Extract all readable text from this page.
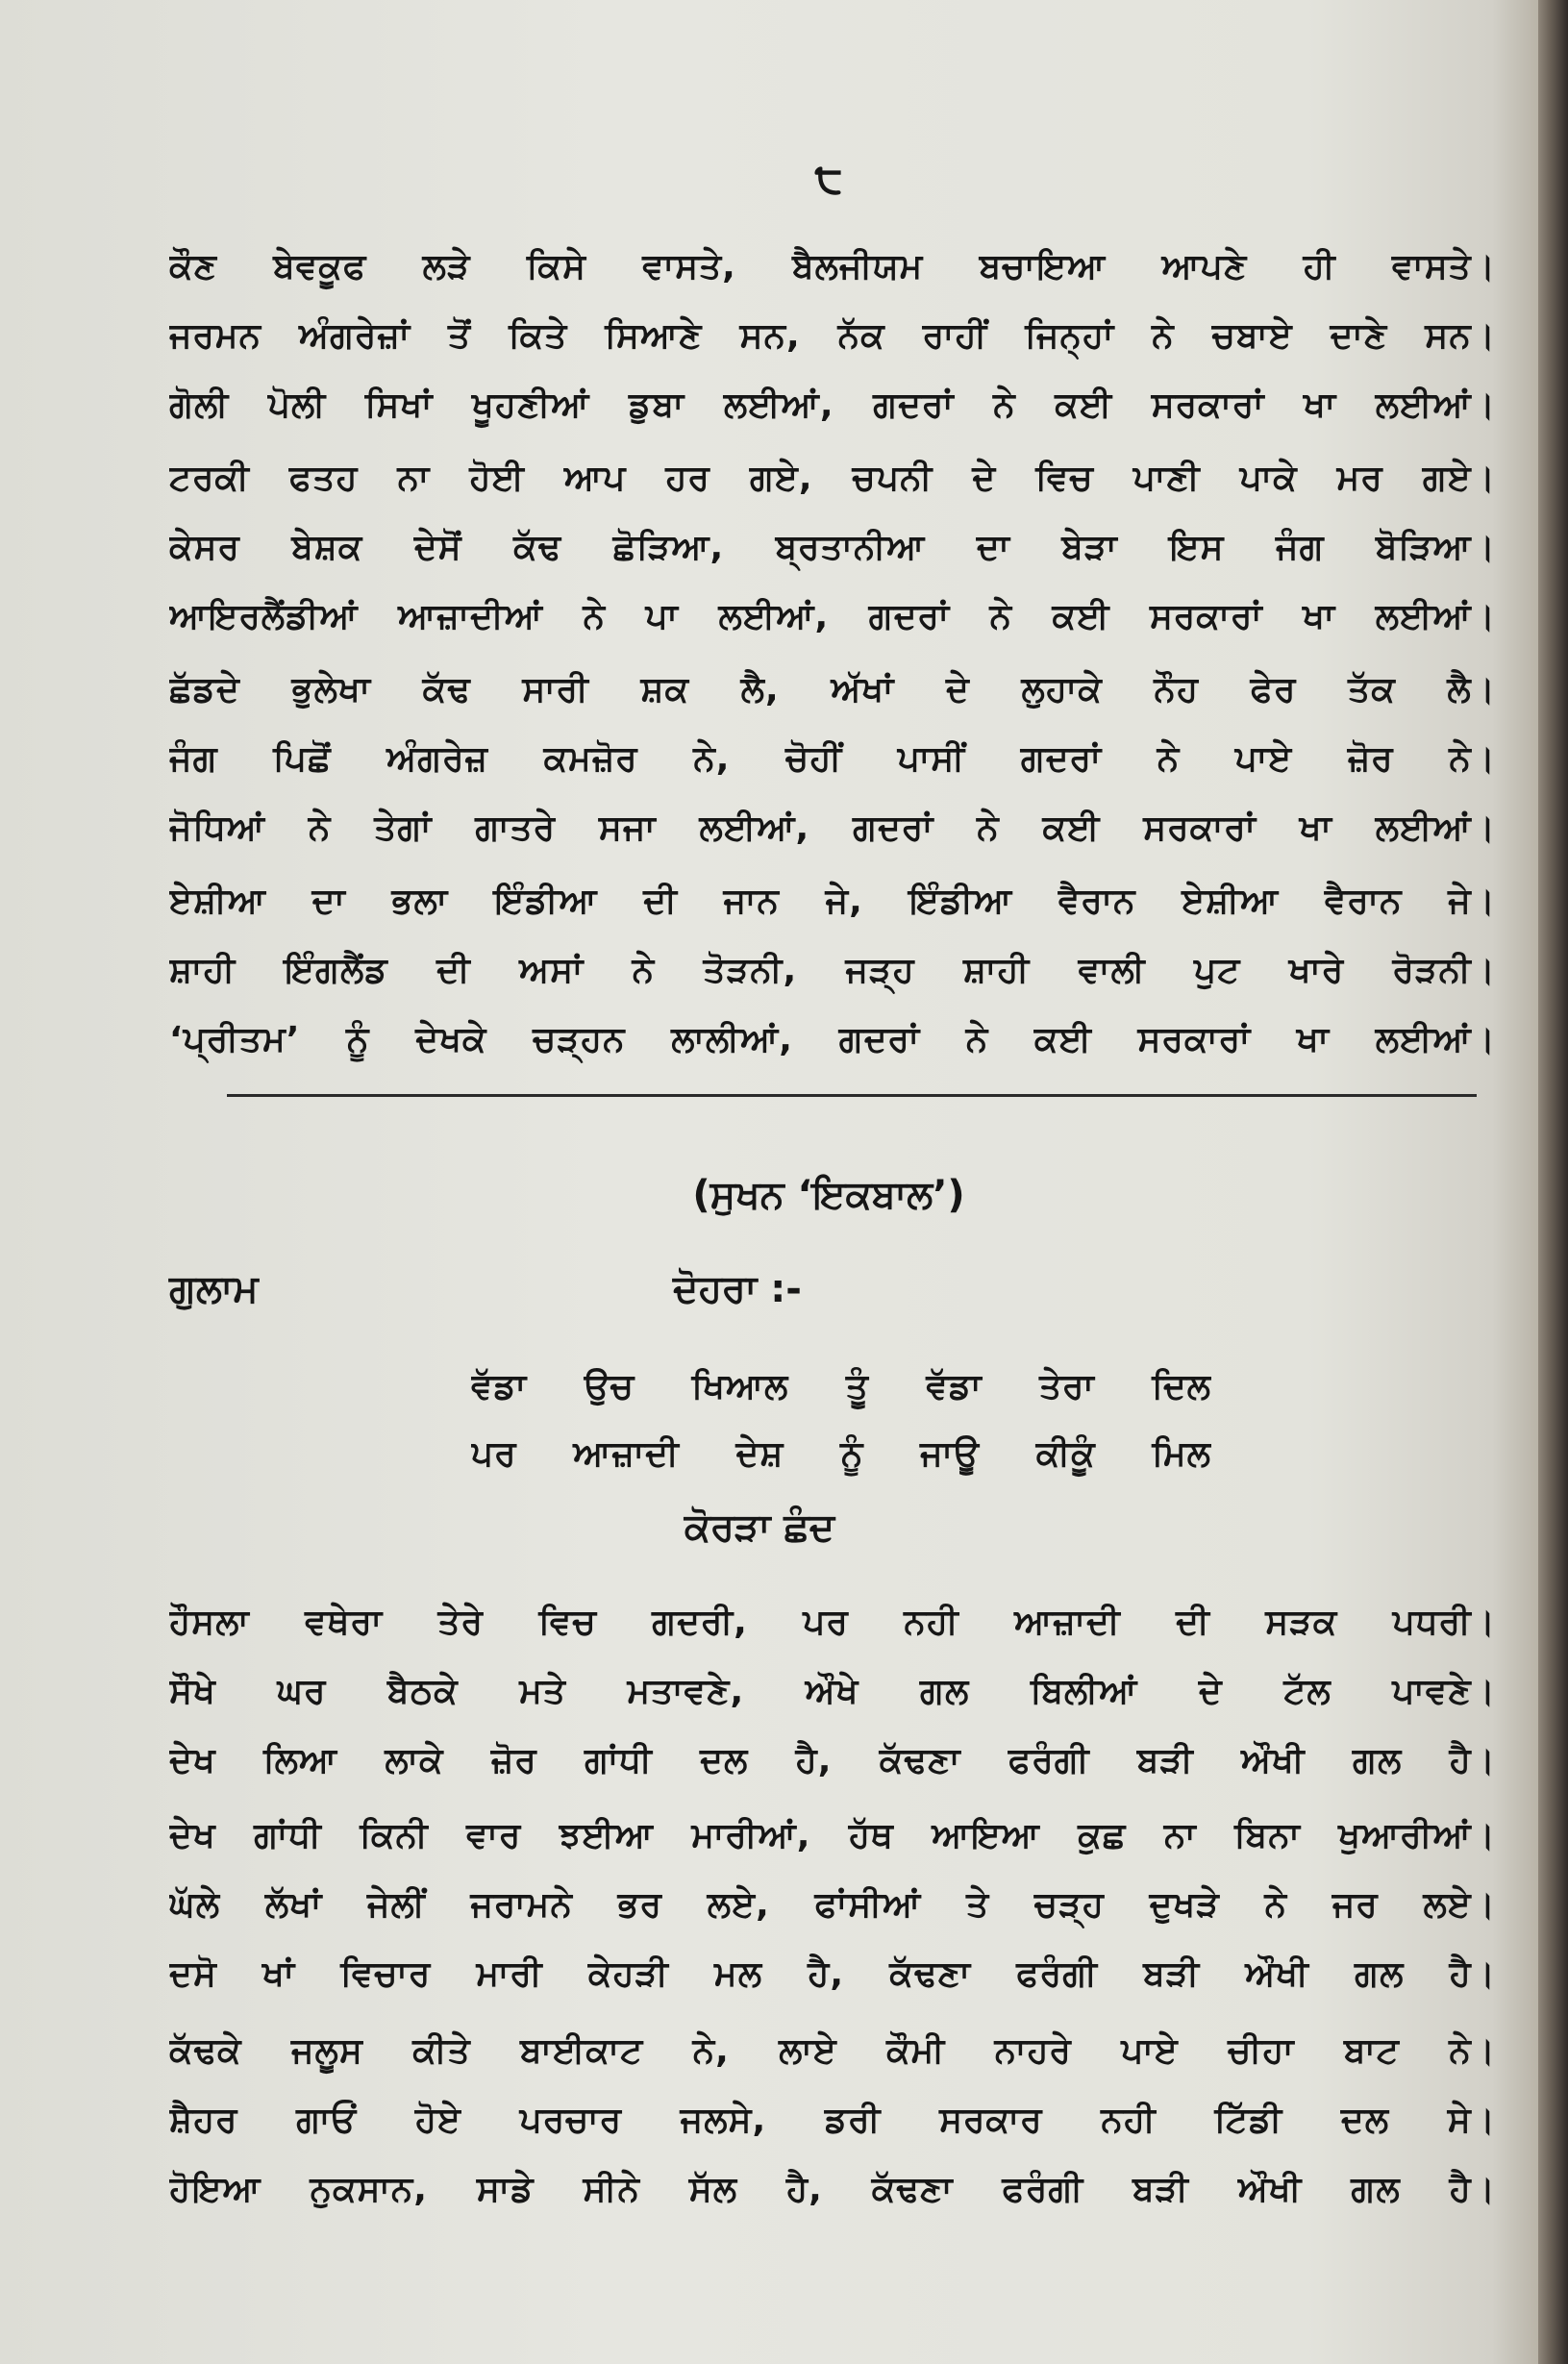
੮
ਕੌਣ ਬੇਵਕੂਫ ਲੜੇ ਕਿਸੇ ਵਾਸਤੇ, ਬੈਲਜੀਯਮ ਬਚਾਇਆ ਆਪਣੇ ਹੀ ਵਾਸਤੇ।
ਜਰਮਨ ਅੰਗਰੇਜ਼ਾਂ ਤੋਂ ਕਿਤੇ ਸਿਆਣੇ ਸਨ, ਨੱਕ ਰਾਹੀਂ ਜਿਨ੍ਹਾਂ ਨੇ ਚਬਾਏ ਦਾਣੇ ਸਨ।
ਗੋਲੀ ਪੋਲੀ ਸਿਖਾਂ ਖੂਹਣੀਆਂ ਡੁਬਾ ਲਈਆਂ, ਗਦਰਾਂ ਨੇ ਕਈ ਸਰਕਾਰਾਂ ਖਾ ਲਈਆਂ।
ਟਰਕੀ ਫਤਹ ਨਾ ਹੋਈ ਆਪ ਹਰ ਗਏ, ਚਪਨੀ ਦੇ ਵਿਚ ਪਾਣੀ ਪਾਕੇ ਮਰ ਗਏ।
ਕੇਸਰ ਬੇਸ਼ਕ ਦੇਸੋਂ ਕੱਢ ਛੋੜਿਆ, ਬ੍ਰਤਾਨੀਆ ਦਾ ਬੇੜਾ ਇਸ ਜੰਗ ਬੋੜਿਆ।
ਆਇਰਲੈਂਡੀਆਂ ਆਜ਼ਾਦੀਆਂ ਨੇ ਪਾ ਲਈਆਂ, ਗਦਰਾਂ ਨੇ ਕਈ ਸਰਕਾਰਾਂ ਖਾ ਲਈਆਂ।
ਛੱਡਦੇ ਭੁਲੇਖਾ ਕੱਢ ਸਾਰੀ ਸ਼ਕ ਲੈ, ਅੱਖਾਂ ਦੇ ਲੁਹਾਕੇ ਨੌਹ ਫੇਰ ਤੱਕ ਲੈ।
ਜੰਗ ਪਿਛੋਂ ਅੰਗਰੇਜ਼ ਕਮਜ਼ੋਰ ਨੇ, ਚੋਹੀਂ ਪਾਸੀਂ ਗਦਰਾਂ ਨੇ ਪਾਏ ਜ਼ੋਰ ਨੇ।
ਜੋਧਿਆਂ ਨੇ ਤੇਗਾਂ ਗਾਤਰੇ ਸਜਾ ਲਈਆਂ, ਗਦਰਾਂ ਨੇ ਕਈ ਸਰਕਾਰਾਂ ਖਾ ਲਈਆਂ।
ਏਸ਼ੀਆ ਦਾ ਭਲਾ ਇੰਡੀਆ ਦੀ ਜਾਨ ਜੇ, ਇੰਡੀਆ ਵੈਰਾਨ ਏਸ਼ੀਆ ਵੈਰਾਨ ਜੇ।
ਸ਼ਾਹੀ ਇੰਗਲੈਂਡ ਦੀ ਅਸਾਂ ਨੇ ਤੋੜਨੀ, ਜੜ੍ਹ ਸ਼ਾਹੀ ਵਾਲੀ ਪੁਟ ਖਾਰੇ ਰੋੜਨੀ।
‘ਪ੍ਰੀਤਮ’ ਨੂੰ ਦੇਖਕੇ ਚੜ੍ਹਨ ਲਾਲੀਆਂ, ਗਦਰਾਂ ਨੇ ਕਈ ਸਰਕਾਰਾਂ ਖਾ ਲਈਆਂ।
(ਸੁਖਨ ‘ਇਕਬਾਲ’)
ਗੁਲਾਮ	ਦੋਹਰਾ :-
ਵੱਡਾ ਉਚ ਖਿਆਲ ਤੂੰ ਵੱਡਾ ਤੇਰਾ ਦਿਲ
ਪਰ ਆਜ਼ਾਦੀ ਦੇਸ਼ ਨੂੰ ਜਾਊ ਕੀਕੂੰ ਮਿਲ
ਕੋਰੜਾ ਛੰਦ
ਹੌਸਲਾ ਵਥੇਰਾ ਤੇਰੇ ਵਿਚ ਗਦਰੀ, ਪਰ ਨਹੀ ਆਜ਼ਾਦੀ ਦੀ ਸੜਕ ਪਧਰੀ।
ਸੌਖੇ ਘਰ ਬੈਠਕੇ ਮਤੇ ਮਤਾਵਣੇ, ਔਖੇ ਗਲ ਬਿਲੀਆਂ ਦੇ ਟੱਲ ਪਾਵਣੇ।
ਦੇਖ ਲਿਆ ਲਾਕੇ ਜ਼ੋਰ ਗਾਂਧੀ ਦਲ ਹੈ, ਕੱਢਣਾ ਫਰੰਗੀ ਬੜੀ ਔਖੀ ਗਲ ਹੈ।
ਦੇਖ ਗਾਂਧੀ ਕਿਨੀ ਵਾਰ ਝਈਆ ਮਾਰੀਆਂ, ਹੱਥ ਆਇਆ ਕੁਛ ਨਾ ਬਿਨਾ ਖੁਆਰੀਆਂ।
ਘੱਲੇ ਲੱਖਾਂ ਜੇਲੀਂ ਜਰਾਮਨੇ ਭਰ ਲਏ, ਫਾਂਸੀਆਂ ਤੇ ਚੜ੍ਹ ਦੁਖੜੇ ਨੇ ਜਰ ਲਏ।
ਦਸੋ ਖਾਂ ਵਿਚਾਰ ਮਾਰੀ ਕੇਹੜੀ ਮਲ ਹੈ, ਕੱਢਣਾ ਫਰੰਗੀ ਬੜੀ ਔਖੀ ਗਲ ਹੈ।
ਕੱਢਕੇ ਜਲੂਸ ਕੀਤੇ ਬਾਈਕਾਟ ਨੇ, ਲਾਏ ਕੌਮੀ ਨਾਹਰੇ ਪਾਏ ਚੀਹਾ ਬਾਟ ਨੇ।
ਸ਼ੈਹਰ ਗਾਓਂ ਹੋਏ ਪਰਚਾਰ ਜਲਸੇ, ਡਰੀ ਸਰਕਾਰ ਨਹੀ ਟਿੱਡੀ ਦਲ ਸੇ।
ਹੋਇਆ ਨੁਕਸਾਨ, ਸਾਡੇ ਸੀਨੇ ਸੱਲ ਹੈ, ਕੱਢਣਾ ਫਰੰਗੀ ਬੜੀ ਔਖੀ ਗਲ ਹੈ।
